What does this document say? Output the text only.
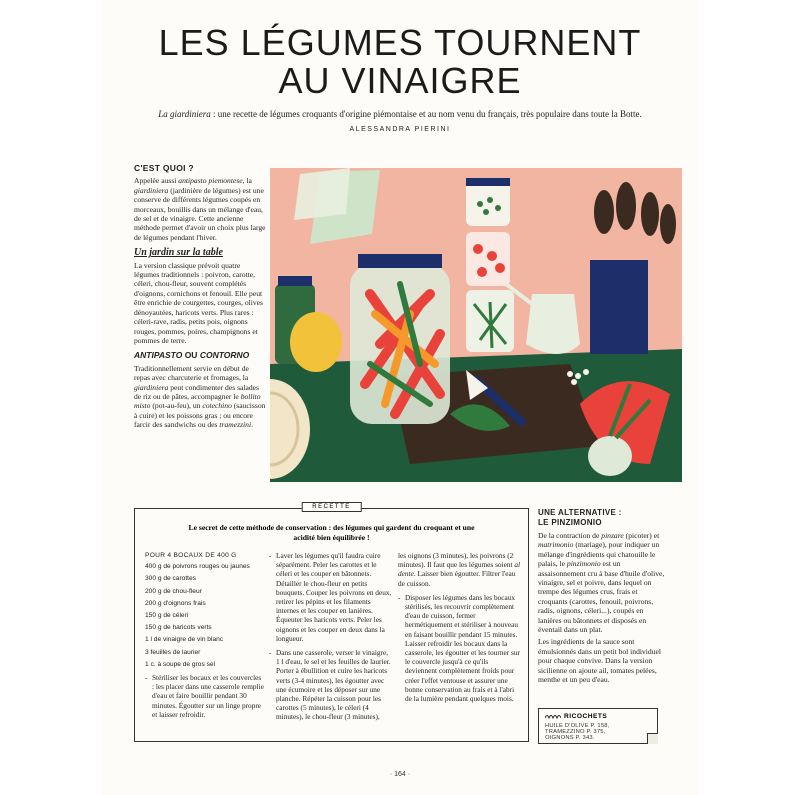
LES LÉGUMES TOURNENT
AU VINAIGRE
La giardiniera : une recette de légumes croquants d'origine piémontaise et au nom venu du français, très populaire dans toute la Botte.
ALESSANDRA PIERINI
C'EST QUOI ?

Appelée aussi antipasto piemontese, la giardiniera (jardinière de légumes) est une conserve de différents légumes coupés en morceaux, bouillis dans un mélange d'eau, de sel et de vinaigre. Cette ancienne méthode permet d'avoir un choix plus large de légumes pendant l'hiver.

Un jardin sur la table

La version classique prévoit quatre légumes traditionnels : poivron, carotte, céleri, chou-fleur, souvent complétés d'oignons, cornichons et fenouil. Elle peut être enrichie de courgettes, courges, olives dénoyautées, haricots verts. Plus rares : céleri-rave, radis, petits pois, oignons rouges, pommes, poires, champignons et pommes de terre.

ANTIPASTO OU CONTORNO

Traditionnellement servie en début de repas avec charcuterie et fromages, la giardiniera peut condimenter des salades de riz ou de pâtes, accompagner le bollito misto (pot-au-feu), un cotechino (saucisson à cuire) et les poissons gras ; ou encore farcir des sandwichs ou des tramezzini.

RECETTE
Le secret de cette méthode de conservation : des légumes qui gardent du croquant et une acidité bien équilibrée !
POUR 4 BOCAUX DE 400 G
400 g de poivrons rouges ou jaunes
300 g de carottes
200 g de chou-fleur
200 g d'oignons frais
150 g de céleri
150 g de haricots verts
1 l de vinaigre de vin blanc
3 feuilles de laurier
1 c. à soupe de gros sel

- Stériliser les bocaux et les couvercles : les placer dans une casserole remplie d'eau et faire bouillir pendant 30 minutes. Égoutter sur un linge propre et laisser refroidir.

- Laver les légumes qu'il faudra cuire séparément. Peler les carottes et le céleri et les couper en bâtonnets. Détailler le chou-fleur en petits bouquets. Couper les poivrons en deux, retirer les pépins et les filaments internes et les couper en lanières. Équeuter les haricots verts. Peler les oignons et les couper en deux dans la longueur.

- Dans une casserole, verser le vinaigre, 1 l d'eau, le sel et les feuilles de laurier. Porter à ébullition et cuire les haricots verts (3-4 minutes), les égoutter avec une écumoire et les déposer sur une planche. Répéter la cuisson pour les carottes (5 minutes), le céleri (4 minutes), le chou-fleur (3 minutes),

les oignons (3 minutes), les poivrons (2 minutes). Il faut que les légumes soient al dente. Laisser bien égoutter. Filtrer l'eau de cuisson.

- Disposer les légumes dans les bocaux stérilisés, les recouvrir complètement d'eau de cuisson, fermer hermétiquement et stériliser à nouveau en faisant bouillir pendant 15 minutes. Laisser refroidir les bocaux dans la casserole, les égoutter et les tourner sur le couvercle jusqu'à ce qu'ils deviennent complètement froids pour créer l'effet ventouse et assurer une bonne conservation au frais et à l'abri de la lumière pendant quelques mois.

UNE ALTERNATIVE :
LE PINZIMONIO

De la contraction de pinzare (picoter) et matrimonio (mariage), pour indiquer un mélange d'ingrédients qui chatouille le palais, le pinzimonio est un assaisonnement cru à base d'huile d'olive, vinaigre, sel et poivre, dans lequel on trempe des légumes crus, frais et croquants (carottes, fenouil, poivrons, radis, oignons, céleri...), coupés en lanières ou bâtonnets et disposés en éventail dans un plat.

Les ingrédients de la sauce sont émulsionnés dans un petit bol individuel pour chaque convive. Dans la version sicilienne on ajoute ail, tomates pelées, menthe et un peu d'eau.

RICOCHETS
HUILE D'OLIVE P. 158,
TRAMEZZINO P. 375,
OIGNONS P. 343.
· 164 ·
